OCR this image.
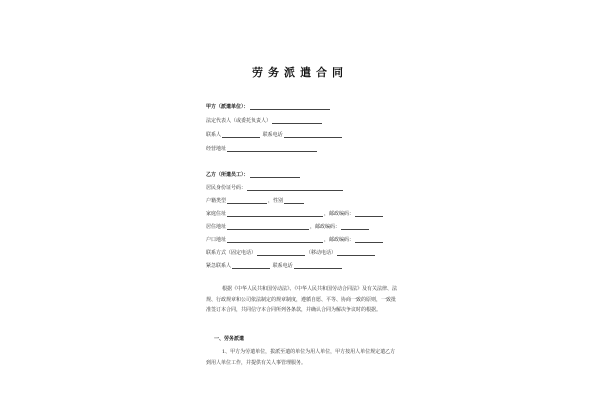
劳务派遣合同
甲方（派遣单位）：
法定代表人（或委托负责人）
联系人	联系电话
经营地址
乙方（所遣员工）：
居民身份证号码：
户籍类型	，性别
家庭住址	，邮政编码：
居住地址	，邮政编码：
户口地址	，邮政编码：
联系方式（固定电话）	（移动电话）
紧急联系人	联系电话
根据《中华人民共和国劳动法》、《中华人民共和国劳动合同法》及有关法律、法规、行政规章和公司依法制定的规章制度，遵循自愿、平等、协商一致的原则，一致批准签订本合同，共同信守本合同所列各条款，并确认合同为解决争议时的根据。
一、劳务派遣
1、甲方为劳遣单位，拔派至遣的单位为用人单位，甲方按用人单位规定遣乙方到用人单位工作，并提供有关人事管理服务。
